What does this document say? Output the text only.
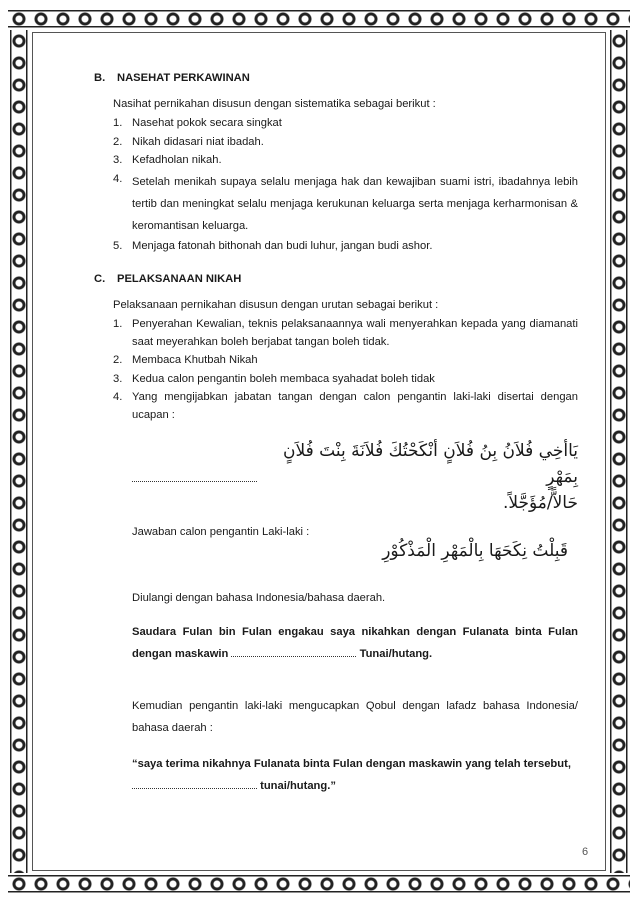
B.	NASEHAT PERKAWINAN
Nasihat pernikahan disusun dengan sistematika sebagai berikut :
1. Nasehat pokok secara singkat
2. Nikah didasari niat ibadah.
3. Kefadholan nikah.
4. Setelah menikah supaya selalu menjaga hak dan kewajiban suami istri, ibadahnya lebih tertib dan meningkat selalu menjaga kerukunan keluarga serta menjaga kerharmonisan & keromantisan keluarga.
5. Menjaga fatonah bithonah dan budi luhur, jangan budi ashor.
C.	PELAKSANAAN NIKAH
Pelaksanaan pernikahan disusun dengan urutan sebagai berikut :
1. Penyerahan Kewalian, teknis pelaksanaannya wali menyerahkan kepada yang diamanati saat meyerahkan boleh berjabat tangan boleh tidak.
2. Membaca Khutbah Nikah
3. Kedua calon pengantin boleh membaca syahadat boleh tidak
4. Yang mengijabkan jabatan tangan dengan calon pengantin laki-laki disertai dengan ucapan :
يَاأخِي فُلاَنُ بِنُ فُلاَنٍ أنْكَحْتُكَ فُلاَنَةَ بِنْتَ فُلاَنٍ بِمَهْرٍ
حَالاًّ/مُؤَجَّلاً.
Jawaban calon pengantin Laki-laki :
قَبِلْتُ نِكَحَهَا بِالْمَهْرِ الْمَذْكُوْرِ
Diulangi dengan bahasa Indonesia/bahasa daerah.
Saudara Fulan bin Fulan engakau saya nikahkan dengan Fulanata binta Fulan dengan maskawin	Tunai/hutang.
Kemudian pengantin laki-laki mengucapkan Qobul dengan lafadz bahasa Indonesia/ bahasa daerah :
“saya terima nikahnya Fulanata binta Fulan dengan maskawin yang telah tersebut,
tunai/hutang.”
6
